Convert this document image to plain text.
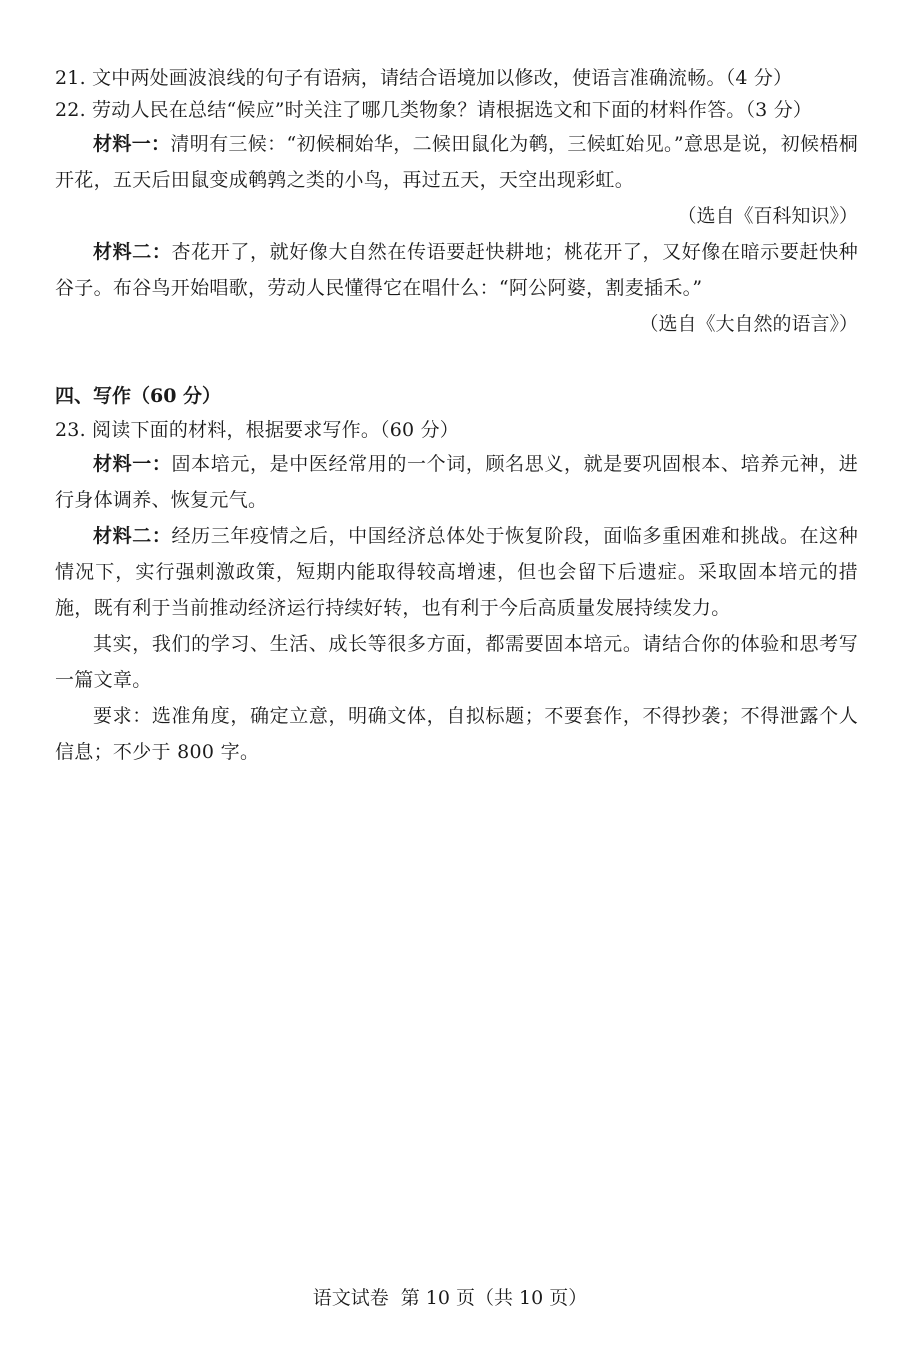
21. 文中两处画波浪线的句子有语病，请结合语境加以修改，使语言准确流畅。（4 分）

22. 劳动人民在总结“候应”时关注了哪几类物象？请根据选文和下面的材料作答。（3 分）

材料一：清明有三候：“初候桐始华，二候田鼠化为鹌，三候虹始见。”意思是说，初候梧桐开花，五天后田鼠变成鹌鹑之类的小鸟，再过五天，天空出现彩虹。

（选自《百科知识》）

材料二：杏花开了，就好像大自然在传语要赶快耕地；桃花开了，又好像在暗示要赶快种谷子。布谷鸟开始唱歌，劳动人民懂得它在唱什么：“阿公阿婆，割麦插禾。”

（选自《大自然的语言》）

四、写作（60 分）

23. 阅读下面的材料，根据要求写作。（60 分）

材料一：固本培元，是中医经常用的一个词，顾名思义，就是要巩固根本、培养元神，进行身体调养、恢复元气。

材料二：经历三年疫情之后，中国经济总体处于恢复阶段，面临多重困难和挑战。在这种情况下，实行强刺激政策，短期内能取得较高增速，但也会留下后遗症。采取固本培元的措施，既有利于当前推动经济运行持续好转，也有利于今后高质量发展持续发力。

其实，我们的学习、生活、成长等很多方面，都需要固本培元。请结合你的体验和思考写一篇文章。

要求：选准角度，确定立意，明确文体，自拟标题；不要套作，不得抄袭；不得泄露个人信息；不少于 800 字。

语文试卷 第 10 页（共 10 页）
